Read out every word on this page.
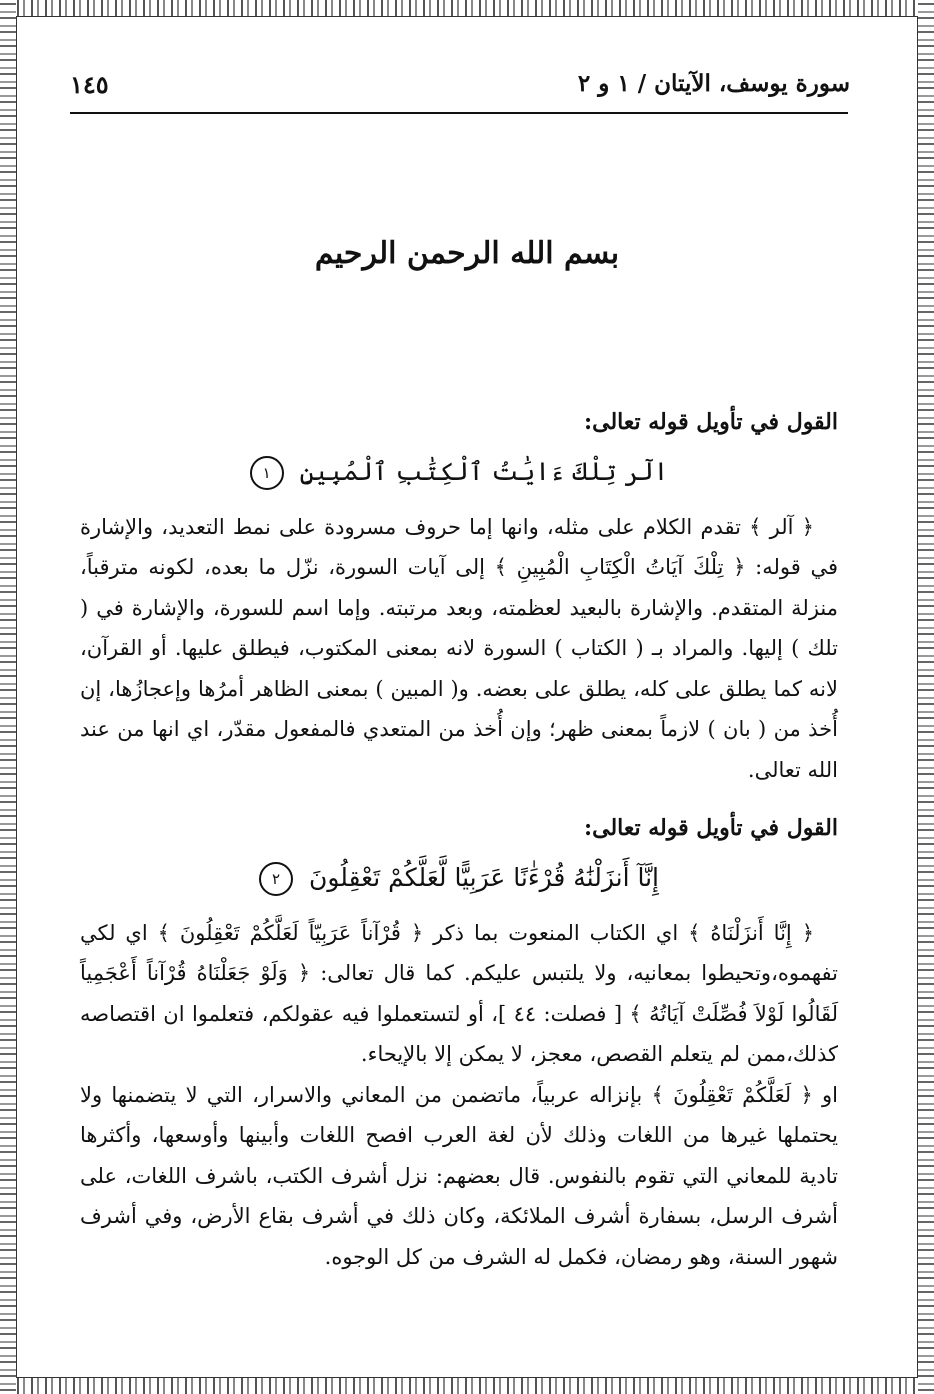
سورة يوسف، الآيتان / ١ و ٢
١٤٥
بسم الله الرحمن الرحيم

القول في تأويل قوله تعالى:

الٓر تِلْكَ ءَايَٰتُ ٱلْكِتَٰبِ ٱلْمُبِينِ ١

﴿ آلر ﴾ تقدم الكلام على مثله، وانها إما حروف مسرودة على نمط التعديد، والإشارة في قوله: ﴿ تِلْكَ آيَاتُ الْكِتَابِ الْمُبِينِ ﴾ إلى آيات السورة، نزّل ما بعده، لكونه مترقباً، منزلة المتقدم. والإشارة بالبعيد لعظمته، وبعد مرتبته. وإما اسم للسورة، والإشارة في ( تلك ) إليها. والمراد بـ ( الكتاب ) السورة لانه بمعنى المكتوب، فيطلق عليها. أو القرآن، لانه كما يطلق على كله، يطلق على بعضه. و( المبين ) بمعنى الظاهر أمرُها وإعجازُها، إن أُخذ من ( بان ) لازماً بمعنى ظهر؛ وإن أُخذ من المتعدي فالمفعول مقدّر، اي انها من عند الله تعالى.

القول في تأويل قوله تعالى:

إِنَّآ أَنزَلْنَٰهُ قُرْءَٰنًا عَرَبِيًّا لَّعَلَّكُمْ تَعْقِلُونَ ٢

﴿ إِنَّا أَنزَلْنَاهُ ﴾ اي الكتاب المنعوت بما ذكر ﴿ قُرْآناً عَرَبِيّاً لَعَلَّكُمْ تَعْقِلُونَ ﴾ اي لكي تفهموه،وتحيطوا بمعانيه، ولا يلتبس عليكم. كما قال تعالى: ﴿ وَلَوْ جَعَلْنَاهُ قُرْآناً أَعْجَمِياً لَقَالُوا لَوْلاَ فُصِّلَتْ آيَاتُهُ ﴾ [ فصلت: ٤٤ ]، أو لتستعملوا فيه عقولكم، فتعلموا ان اقتصاصه كذلك،ممن لم يتعلم القصص، معجز، لا يمكن إلا بالإيحاء.

او ﴿ لَعَلَّكُمْ تَعْقِلُونَ ﴾ بإنزاله عربياً، ماتضمن من المعاني والاسرار، التي لا يتضمنها ولا يحتملها غيرها من اللغات وذلك لأن لغة العرب افصح اللغات وأبينها وأوسعها، وأكثرها تادية للمعاني التي تقوم بالنفوس. قال بعضهم: نزل أشرف الكتب، باشرف اللغات، على أشرف الرسل، بسفارة أشرف الملائكة، وكان ذلك في أشرف بقاع الأرض، وفي أشرف شهور السنة، وهو رمضان، فكمل له الشرف من كل الوجوه.
